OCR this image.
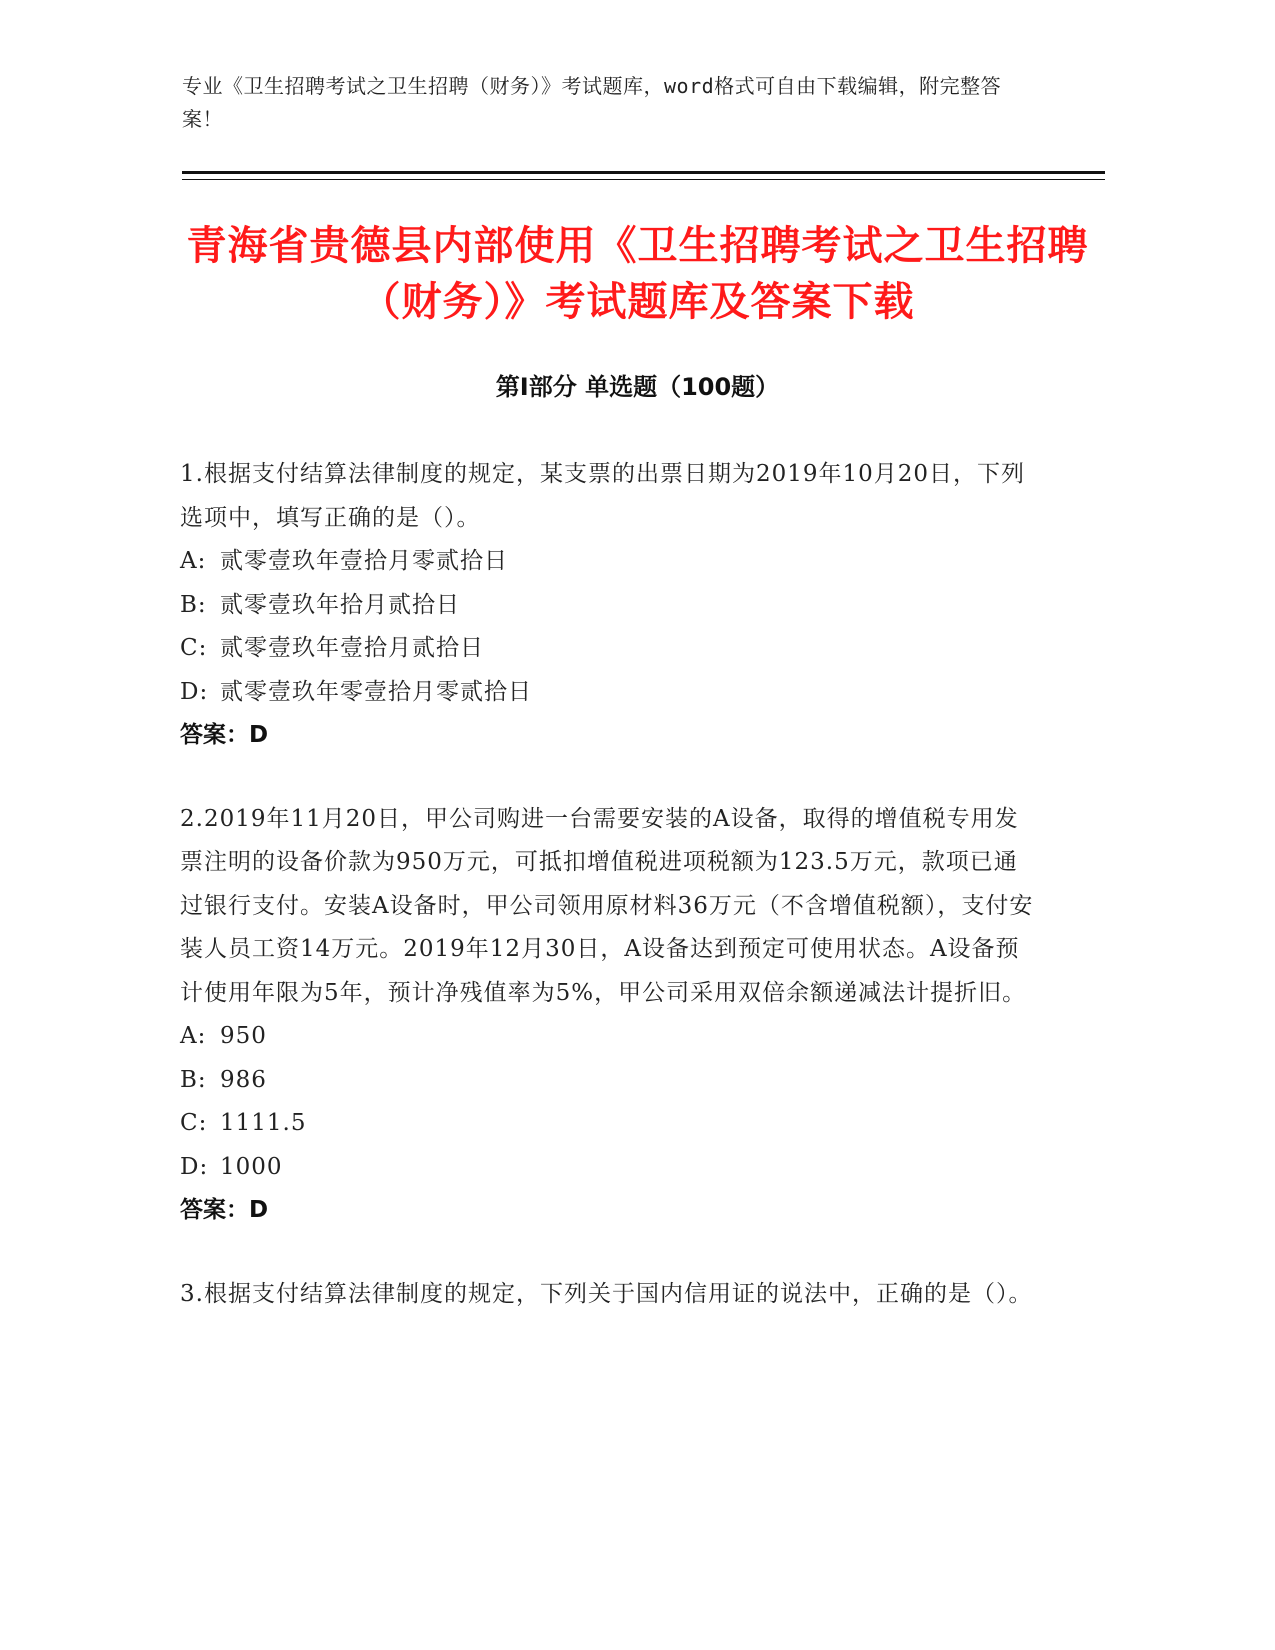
专业《卫生招聘考试之卫生招聘（财务）》考试题库，word格式可自由下载编辑，附完整答案！
青海省贵德县内部使用《卫生招聘考试之卫生招聘（财务）》考试题库及答案下载
第Ⅰ部分 单选题（100题）
1.根据支付结算法律制度的规定，某支票的出票日期为2019年10月20日，下列选项中，填写正确的是（）。
A: 贰零壹玖年壹拾月零贰拾日
B: 贰零壹玖年拾月贰拾日
C: 贰零壹玖年壹拾月贰拾日
D: 贰零壹玖年零壹拾月零贰拾日
答案：D
2.2019年11月20日，甲公司购进一台需要安装的A设备，取得的增值税专用发票注明的设备价款为950万元，可抵扣增值税进项税额为123.5万元，款项已通过银行支付。安装A设备时，甲公司领用原材料36万元（不含增值税额），支付安装人员工资14万元。2019年12月30日，A设备达到预定可使用状态。A设备预计使用年限为5年，预计净残值率为5%，甲公司采用双倍余额递减法计提折旧。
A: 950
B: 986
C: 1111.5
D: 1000
答案：D
3.根据支付结算法律制度的规定，下列关于国内信用证的说法中，正确的是（）。
